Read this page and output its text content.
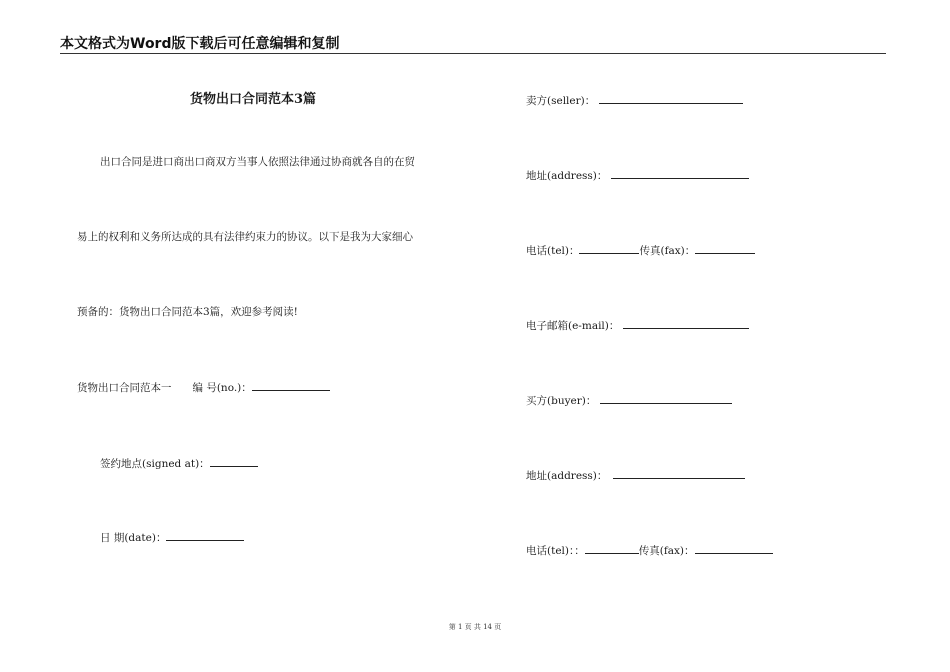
本文格式为Word版下载后可任意编辑和复制
货物出口合同范本3篇
出口合同是进口商出口商双方当事人依照法律通过协商就各自的在贸
易上的权利和义务所达成的具有法律约束力的协议。以下是我为大家细心
预备的：货物出口合同范本3篇，欢迎参考阅读!
货物出口合同范本一　　编 号(no.)：
签约地点(signed at)：
日 期(date)：
卖方(seller)：
地址(address)：
电话(tel)：	传真(fax)：
电子邮箱(e-mail)：
买方(buyer)：
地址(address)：
电话(tel)：：	传真(fax)：
第 1 页 共 14 页
